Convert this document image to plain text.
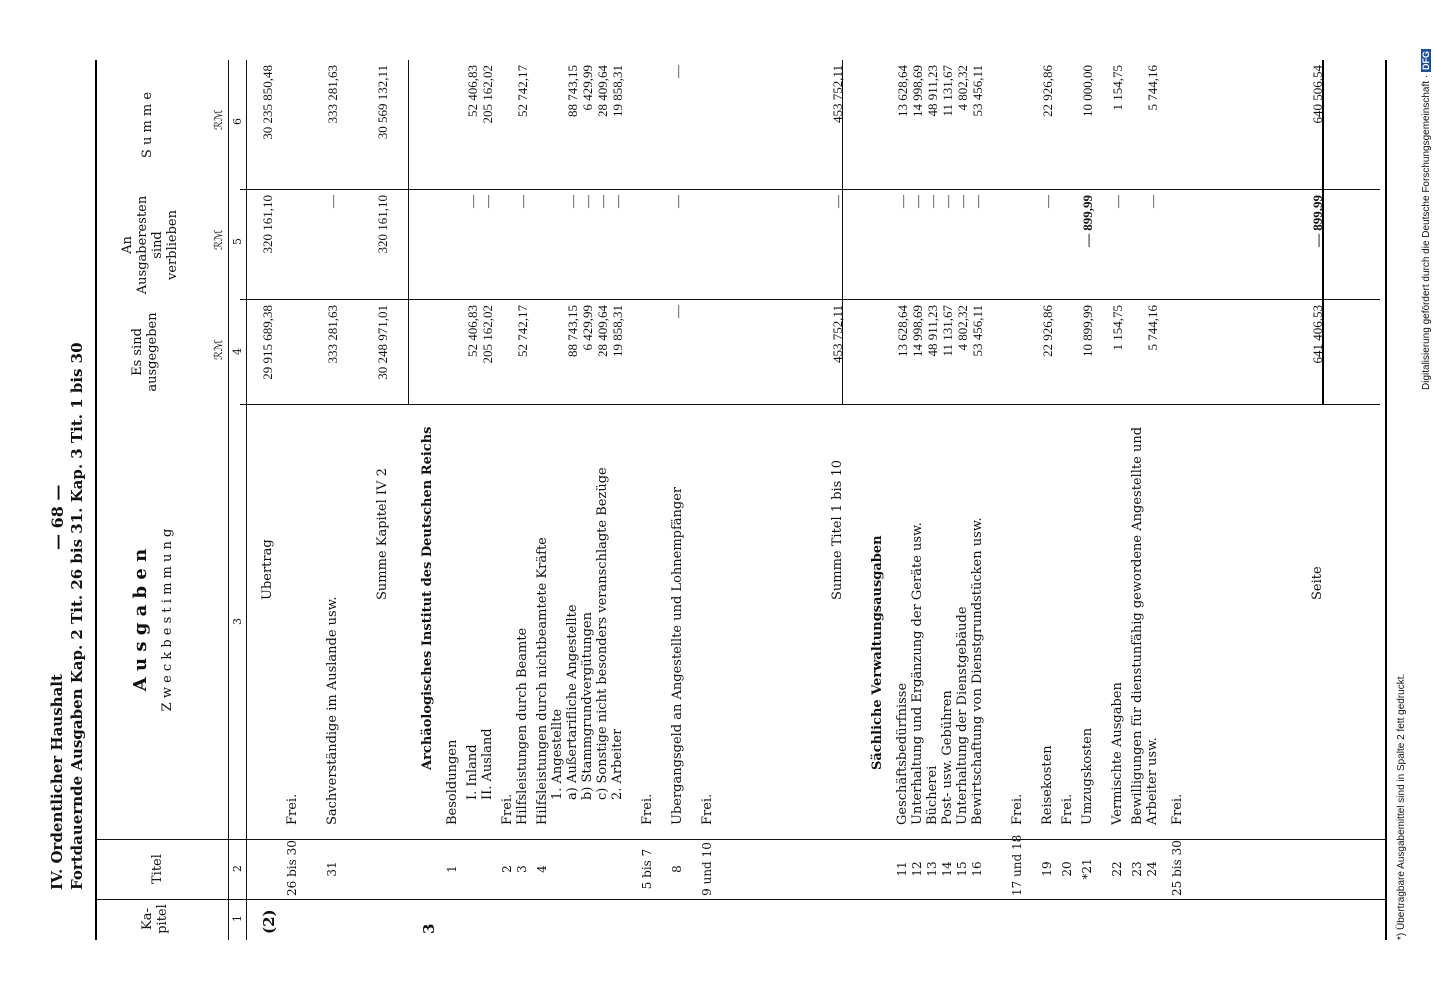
IV. Ordentlicher Haushalt Fortdauernde Ausgaben Kap. 2 Tit. 26 bis 31. Kap. 3 Tit. 1 bis 30
— 68 —
Ka-pitel
Titel
A u s g a b e n Z w e c k b e s t i m m u n g
Es sind ausgegeben
An Ausgaberesten sind verblieben
S u m m e
ℛℳ
ℛℳ
ℛℳ
1
2
3
4
5
6
(2)
Übertrag
29 915 689,38
320 161,10
30 235 850,48
26 bis 30
Frei.
31
Sachverständige im Auslande usw.
333 281,63
—
333 281,63
Summe Kapitel IV 2
30 248 971,01
320 161,10
30 569 132,11
3
Archäologisches Institut des Deutschen Reichs
1
Besoldungen I. Inland
52 406,83
—
52 406,83
II. Ausland
205 162,02
—
205 162,02
2
Frei.
3
Hilfsleistungen durch Beamte
52 742,17
—
52 742,17
4
Hilfsleistungen durch nichtbeamtete Kräfte 1. Angestellte a) Außertarifliche Angestellte
88 743,15
—
88 743,15
b) Stammgrundvergütungen
6 429,99
—
6 429,99
c) Sonstige nicht besonders veranschlagte Bezüge
28 409,64
—
28 409,64
2. Arbeiter
19 858,31
—
19 858,31
5 bis 7
Frei.
8
Übergangsgeld an Angestellte und Lohnempfänger
—
—
—
9 und 10
Frei.
Summe Titel 1 bis 10
453 752,11
—
453 752,11
Sächliche Verwaltungsausgaben
11
Geschäftsbedürfnisse
13 628,64
—
13 628,64
12
Unterhaltung und Ergänzung der Geräte usw.
14 998,69
—
14 998,69
13
Bücherei
48 911,23
—
48 911,23
14
Post- usw. Gebühren
11 131,67
—
11 131,67
15
Unterhaltung der Dienstgebäude
4 802,32
—
4 802,32
16
Bewirtschaftung von Dienstgrundstücken usw.
53 456,11
—
53 456,11
17 und 18
Frei.
19
Reisekosten
22 926,86
—
22 926,86
20
Frei.
*21
Umzugskosten
10 899,99
— 899,99
10 000,00
22
Vermischte Ausgaben
1 154,75
—
1 154,75
23
Bewilligungen für dienstunfähig gewordene Angestellte und
24
Arbeiter usw.
5 744,16
—
5 744,16
25 bis 30
Frei.
Seite
641 406,53
— 899,99
640 506,54
*) Übertragbare Ausgabemittel sind in Spalte 2 fett gedruckt.
Digitalisierung gefördert durch die Deutsche Forschungsgemeinschaft · DFG
